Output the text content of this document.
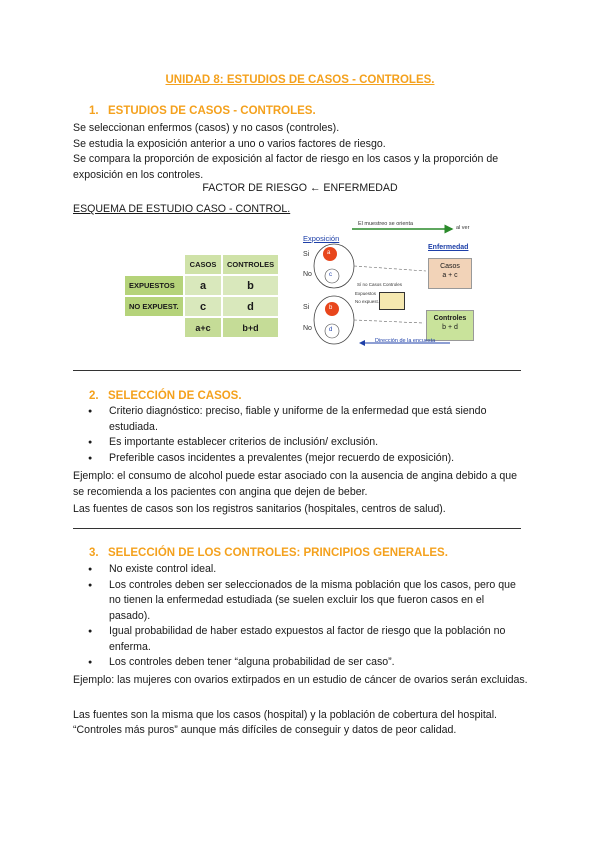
UNIDAD 8: ESTUDIOS DE CASOS - CONTROLES.
1. ESTUDIOS DE CASOS - CONTROLES.
Se seleccionan enfermos (casos) y no casos (controles).
Se estudia la exposición anterior a uno o varios factores de riesgo.
Se compara la proporción de exposición al factor de riesgo en los casos y la proporción de exposición en los controles.
FACTOR DE RIESGO ← ENFERMEDAD
ESQUEMA DE ESTUDIO CASO - CONTROL.
	CASOS	CONTROLES
EXPUESTOS	a	b
NO EXPUEST.	c	d
	a+c	b+d
El muestreo se orienta
al ver
Exposición
Si
No
Si
No
a
c
b
d
Enfermedad
Casos
a + c
Controles
b + d
Sí no Casos Controles
Expuestos
No expuest.
Dirección de la encuesta
2. SELECCIÓN DE CASOS.
● Criterio diagnóstico: preciso, fiable y uniforme de la enfermedad que está siendo estudiada.
● Es importante establecer criterios de inclusión/ exclusión.
● Preferible casos incidentes a prevalentes (mejor recuerdo de exposición).
Ejemplo: el consumo de alcohol puede estar asociado con la ausencia de angina debido a que se recomienda a los pacientes con angina que dejen de beber.
Las fuentes de casos son los registros sanitarios (hospitales, centros de salud).
3. SELECCIÓN DE LOS CONTROLES: PRINCIPIOS GENERALES.
● No existe control ideal.
● Los controles deben ser seleccionados de la misma población que los casos, pero que no tienen la enfermedad estudiada (se suelen excluir los que fueron casos en el pasado).
● Igual probabilidad de haber estado expuestos al factor de riesgo que la población no enferma.
● Los controles deben tener “alguna probabilidad de ser caso”.
Ejemplo: las mujeres con ovarios extirpados en un estudio de cáncer de ovarios serán excluidas.
Las fuentes son la misma que los casos (hospital) y la población de cobertura del hospital.
“Controles más puros” aunque más difíciles de conseguir y datos de peor calidad.
